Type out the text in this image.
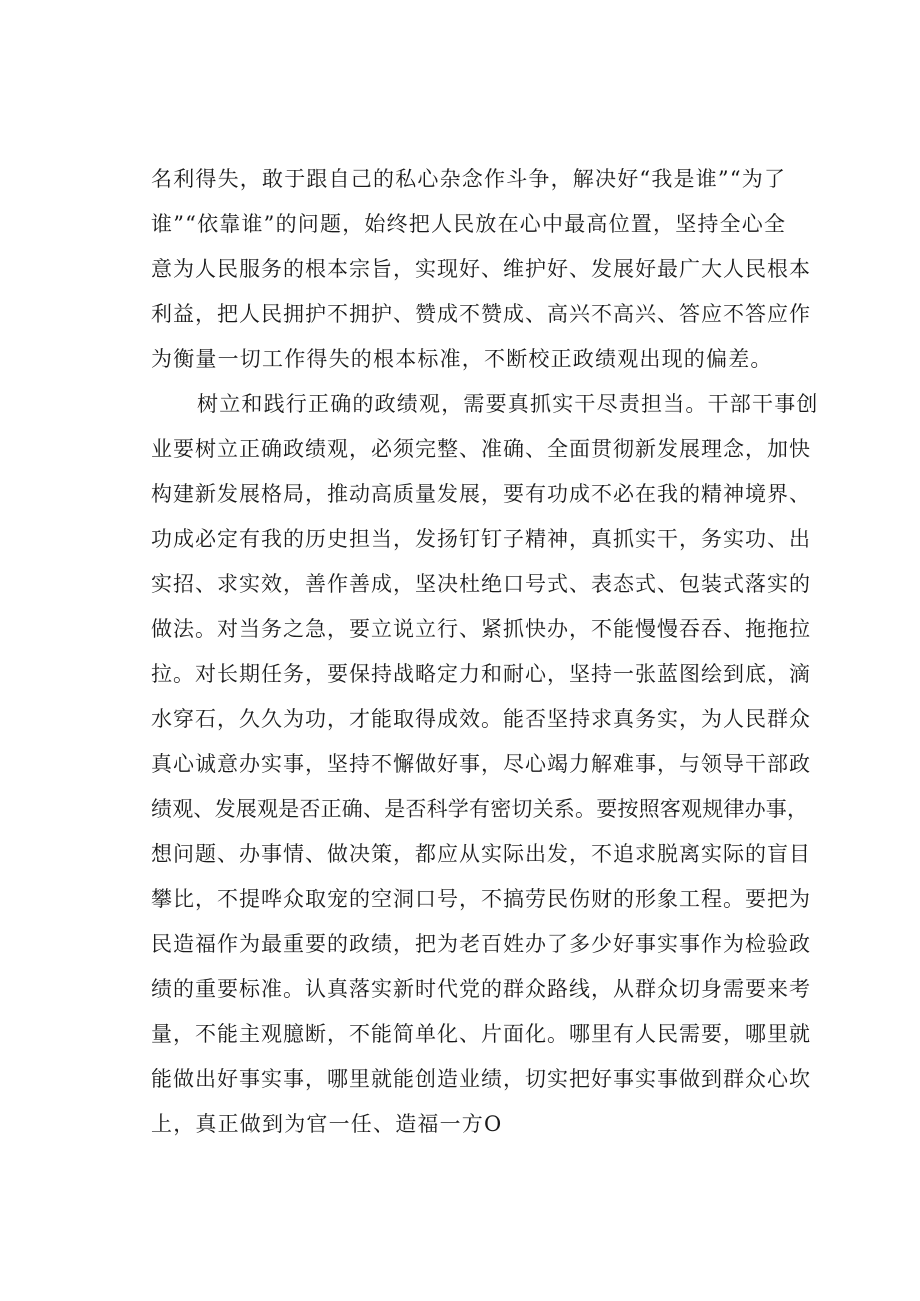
名利得失，敢于跟自己的私心杂念作斗争，解决好“我是谁”“为了
谁”“依靠谁”的问题，始终把人民放在心中最高位置，坚持全心全
意为人民服务的根本宗旨，实现好、维护好、发展好最广大人民根本
利益，把人民拥护不拥护、赞成不赞成、高兴不高兴、答应不答应作
为衡量一切工作得失的根本标准，不断校正政绩观出现的偏差。
树立和践行正确的政绩观，需要真抓实干尽责担当。干部干事创
业要树立正确政绩观，必须完整、准确、全面贯彻新发展理念，加快
构建新发展格局，推动高质量发展，要有功成不必在我的精神境界、
功成必定有我的历史担当，发扬钉钉子精神，真抓实干，务实功、出
实招、求实效，善作善成，坚决杜绝口号式、表态式、包装式落实的
做法。对当务之急，要立说立行、紧抓快办，不能慢慢吞吞、拖拖拉
拉。对长期任务，要保持战略定力和耐心，坚持一张蓝图绘到底，滴
水穿石，久久为功，才能取得成效。能否坚持求真务实，为人民群众
真心诚意办实事，坚持不懈做好事，尽心竭力解难事，与领导干部政
绩观、发展观是否正确、是否科学有密切关系。要按照客观规律办事，
想问题、办事情、做决策，都应从实际出发，不追求脱离实际的盲目
攀比，不提哗众取宠的空洞口号，不搞劳民伤财的形象工程。要把为
民造福作为最重要的政绩，把为老百姓办了多少好事实事作为检验政
绩的重要标准。认真落实新时代党的群众路线，从群众切身需要来考
量，不能主观臆断，不能简单化、片面化。哪里有人民需要，哪里就
能做出好事实事，哪里就能创造业绩，切实把好事实事做到群众心坎
上，真正做到为官一任、造福一方O
